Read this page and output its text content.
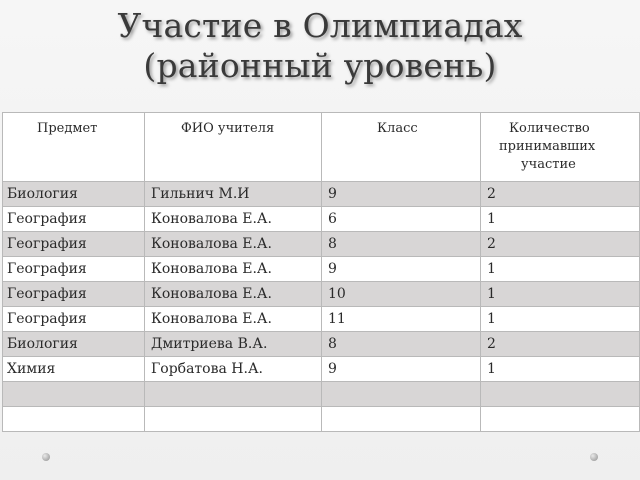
Участие в Олимпиадах
(районный уровень)
Предмет	ФИО учителя	Класс	Количество
принимавших
участие
Биология	Гильнич М.И	9	2
География	Коновалова Е.А.	6	1
География	Коновалова Е.А.	8	2
География	Коновалова Е.А.	9	1
География	Коновалова Е.А.	10	1
География	Коновалова Е.А.	11	1
Биология	Дмитриева В.А.	8	2
Химия	Горбатова Н.А.	9	1
